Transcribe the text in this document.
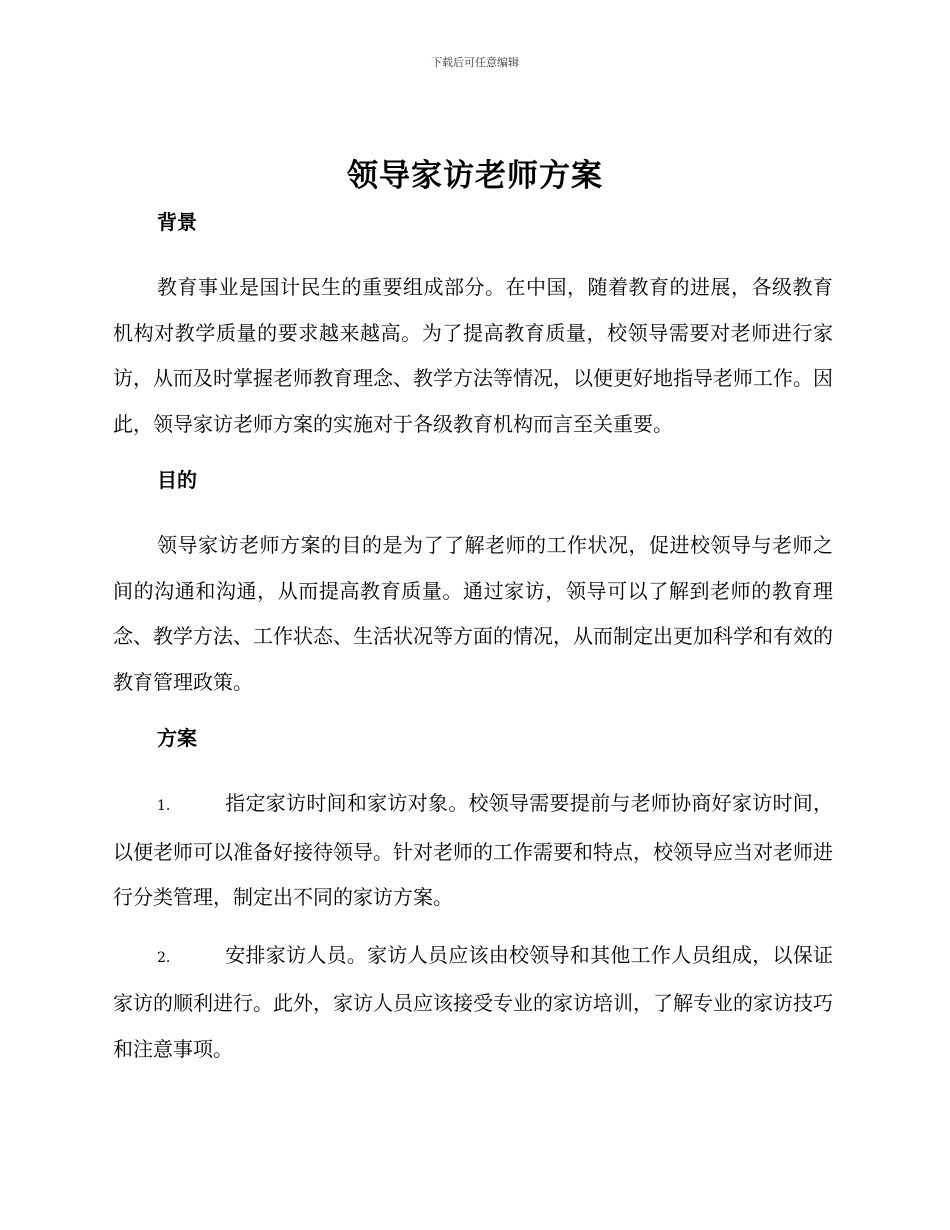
下载后可任意编辑
领导家访老师方案

背景

教育事业是国计民生的重要组成部分。在中国，随着教育的进展，各级教育机构对教学质量的要求越来越高。为了提高教育质量，校领导需要对老师进行家访，从而及时掌握老师教育理念、教学方法等情况，以便更好地指导老师工作。因此，领导家访老师方案的实施对于各级教育机构而言至关重要。

目的

领导家访老师方案的目的是为了了解老师的工作状况，促进校领导与老师之间的沟通和沟通，从而提高教育质量。通过家访，领导可以了解到老师的教育理念、教学方法、工作状态、生活状况等方面的情况，从而制定出更加科学和有效的教育管理政策。

方案

1.	指定家访时间和家访对象。校领导需要提前与老师协商好家访时间，以便老师可以准备好接待领导。针对老师的工作需要和特点，校领导应当对老师进行分类管理，制定出不同的家访方案。

2.	安排家访人员。家访人员应该由校领导和其他工作人员组成，以保证家访的顺利进行。此外，家访人员应该接受专业的家访培训，了解专业的家访技巧和注意事项。
